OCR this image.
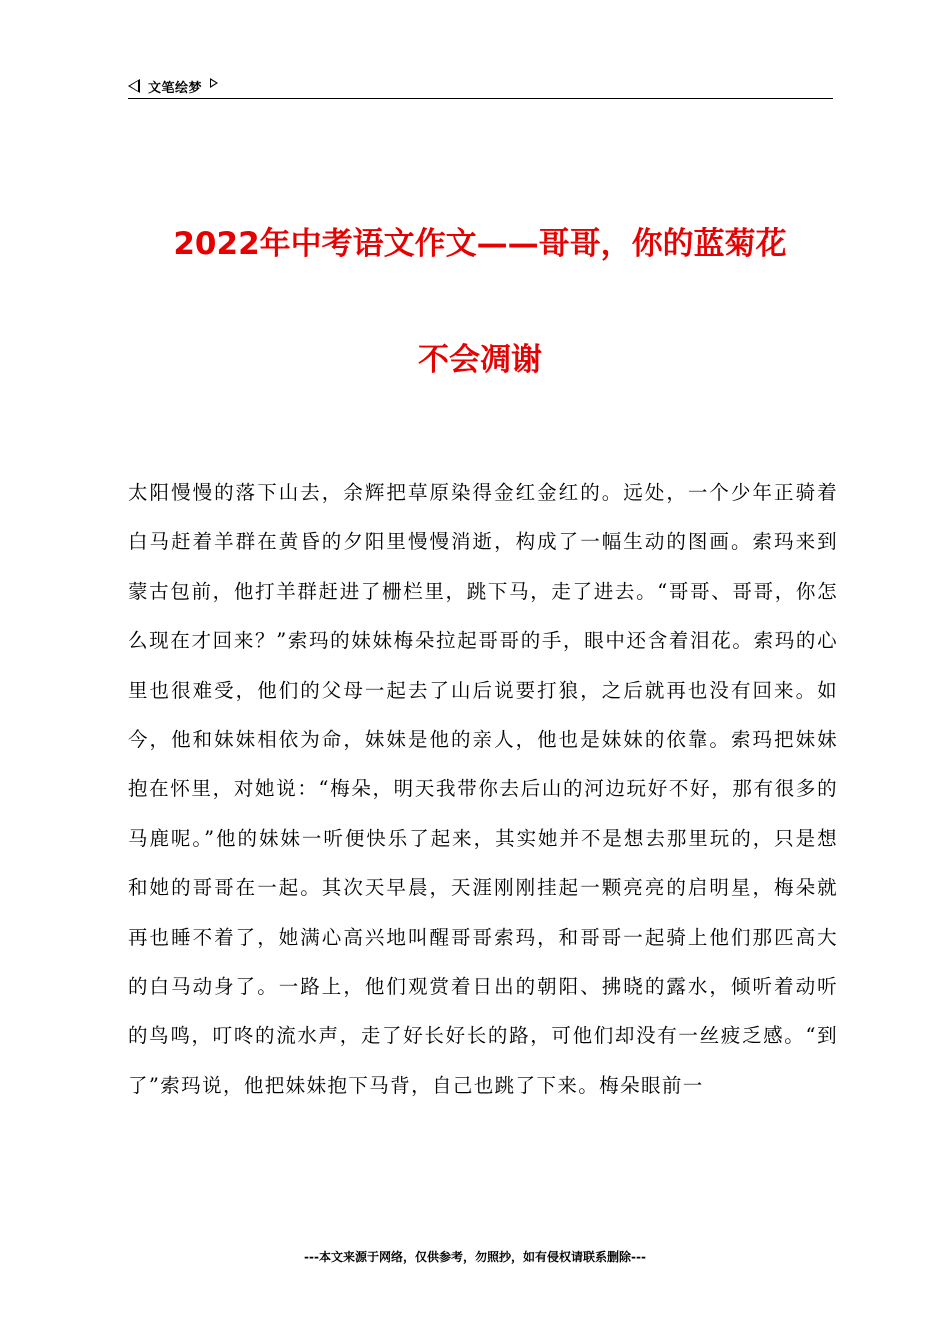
文笔绘梦
2022年中考语文作文——哥哥，你的蓝菊花
不会凋谢

太阳慢慢的落下山去，余辉把草原染得金红金红的。远处，一个少年正骑着白马赶着羊群在黄昏的夕阳里慢慢消逝，构成了一幅生动的图画。索玛来到蒙古包前，他打羊群赶进了栅栏里，跳下马，走了进去。“哥哥、哥哥，你怎么现在才回来？”索玛的妹妹梅朵拉起哥哥的手，眼中还含着泪花。索玛的心里也很难受，他们的父母一起去了山后说要打狼，之后就再也没有回来。如今，他和妹妹相依为命，妹妹是他的亲人，他也是妹妹的依靠。索玛把妹妹抱在怀里，对她说：“梅朵，明天我带你去后山的河边玩好不好，那有很多的马鹿呢。”他的妹妹一听便快乐了起来，其实她并不是想去那里玩的，只是想和她的哥哥在一起。其次天早晨，天涯刚刚挂起一颗亮亮的启明星，梅朵就再也睡不着了，她满心高兴地叫醒哥哥索玛，和哥哥一起骑上他们那匹高大的白马动身了。一路上，他们观赏着日出的朝阳、拂晓的露水，倾听着动听的鸟鸣，叮咚的流水声，走了好长好长的路，可他们却没有一丝疲乏感。“到了”索玛说，他把妹妹抱下马背，自己也跳了下来。梅朵眼前一

---本文来源于网络，仅供参考，勿照抄，如有侵权请联系删除---
